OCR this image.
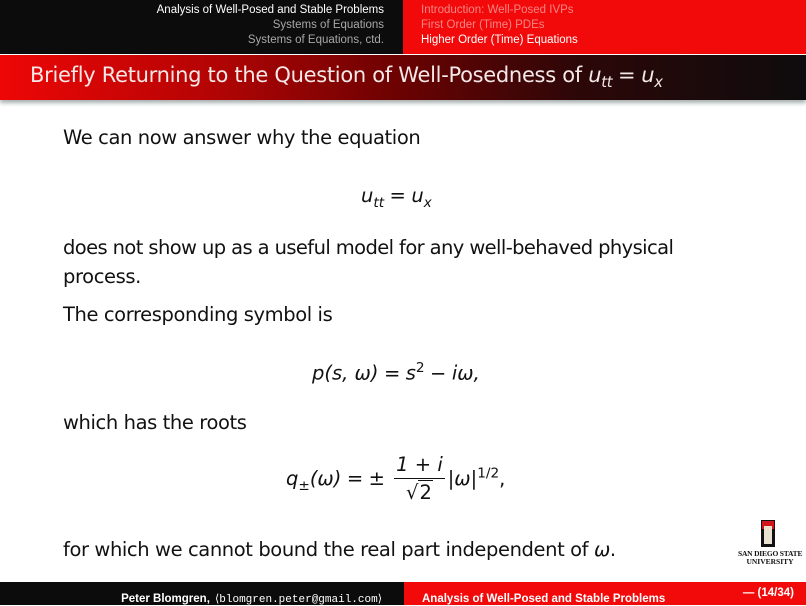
Analysis of Well-Posed and Stable Problems
Systems of Equations
Systems of Equations, ctd.
Introduction: Well-Posed IVPs
First Order (Time) PDEs
Higher Order (Time) Equations
Briefly Returning to the Question of Well-Posedness of $u_{tt} = u_x$
We can now answer why the equation
$u_{tt} = u_x$
does not show up as a useful model for any well-behaved physical
process.
The corresponding symbol is
p(s, $\omega) = s^2 - i\omega$,
which has the roots
$q_\pm(\omega)$ = ± $\frac{1 + i}{√2} |\omega|^{1/2}$,
for which we cannot bound the real part independent of ω.	SAN DIEGO STATE
UNIVERSITY
Peter Blomgren, ⟨blomgren.peter@gmail.com⟩	Analysis of Well-Posed and Stable Problems	— (14/34)
